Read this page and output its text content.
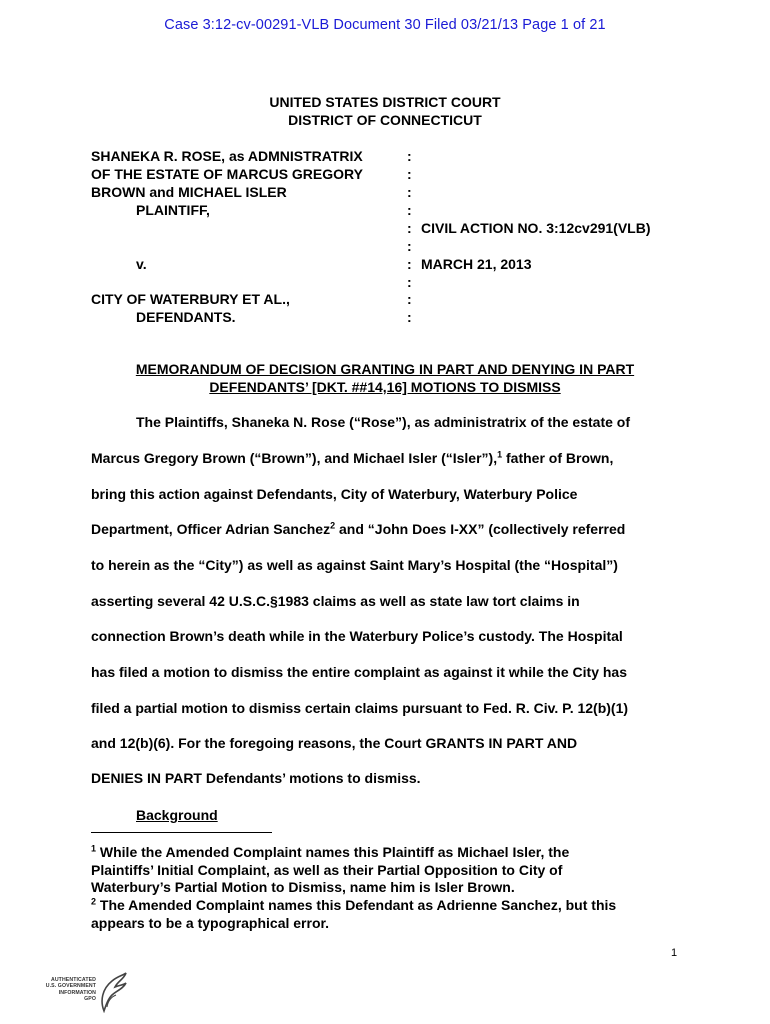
Case 3:12-cv-00291-VLB Document 30 Filed 03/21/13 Page 1 of 21
UNITED STATES DISTRICT COURT
DISTRICT OF CONNECTICUT
SHANEKA R. ROSE, as ADMNISTRATRIX
OF THE ESTATE OF MARCUS GREGORY
BROWN and MICHAEL ISLER
PLAINTIFF,
v.
CITY OF WATERBURY ET AL.,
DEFENDANTS.
:
:
:
:
:
:
:
:
:
:
CIVIL ACTION NO. 3:12cv291(VLB)
MARCH 21, 2013
MEMORANDUM OF DECISION GRANTING IN PART AND DENYING IN PART
DEFENDANTS’ [DKT. ##14,16] MOTIONS TO DISMISS
The Plaintiffs, Shaneka N. Rose (“Rose”), as administratrix of the estate of
Marcus Gregory Brown (“Brown”), and Michael Isler (“Isler”),$^1$ father of Brown,
bring this action against Defendants, City of Waterbury, Waterbury Police
Department, Officer Adrian Sanchez$^2$ and “John Does I-XX” (collectively referred
to herein as the “City”) as well as against Saint Mary’s Hospital (the “Hospital”)
asserting several 42 U.S.C.§1983 claims as well as state law tort claims in
connection Brown’s death while in the Waterbury Police’s custody. The Hospital
has filed a motion to dismiss the entire complaint as against it while the City has
filed a partial motion to dismiss certain claims pursuant to Fed. R. Civ. P. 12(b)(1)
and 12(b)(6). For the foregoing reasons, the Court GRANTS IN PART AND
DENIES IN PART Defendants’ motions to dismiss.
Background
$^1$ While the Amended Complaint names this Plaintiff as Michael Isler, the
Plaintiffs’ Initial Complaint, as well as their Partial Opposition to City of
Waterbury’s Partial Motion to Dismiss, name him is Isler Brown.
$^2$ The Amended Complaint names this Defendant as Adrienne Sanchez, but this
appears to be a typographical error.
1
AUTHENTICATED
U.S. GOVERNMENT
INFORMATION
GPO
